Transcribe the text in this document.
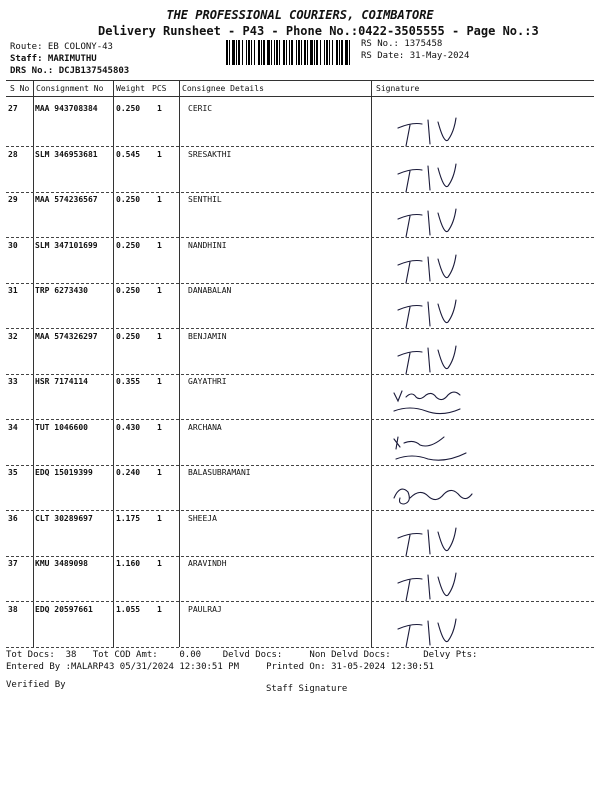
THE PROFESSIONAL COURIERS, COIMBATORE
Delivery Runsheet - P43 - Phone No.:0422-3505555 - Page No.:3
Route: EB COLONY-43
Staff: MARIMUTHU
DRS No.: DCJB137545803
RS No.: 1375458
RS Date: 31-May-2024
S No Consignment No Weight PCS Consignee Details	Signature
27 MAA 943708384 0.250 1	CERIC
28 SLM 346953681 0.545 1	SRESAKTHI
29 MAA 574236567 0.250 1	SENTHIL
30 SLM 347101699 0.250 1	NANDHINI
31 TRP 6273430	0.250 1	DANABALAN
32 MAA 574326297 0.250 1	BENJAMIN
33 HSR 7174114	0.355 1	GAYATHRI
34 TUT 1046600	0.430 1	ARCHANA
35 EDQ 15019399	0.240 1	BALASUBRAMANI
36 CLT 30289697	1.175 1	SHEEJA
37 KMU 3489098	1.160 1	ARAVINDH
38 EDQ 20597661	1.055 1	PAULRAJ
Tot Docs:  38   Tot COD Amt:    0.00    Delvd Docs:     Non Delvd Docs:      Delvy Pts:
Entered By :MALARP43 05/31/2024 12:30:51 PM     Printed On: 31-05-2024 12:30:51
Verified By	Staff Signature
